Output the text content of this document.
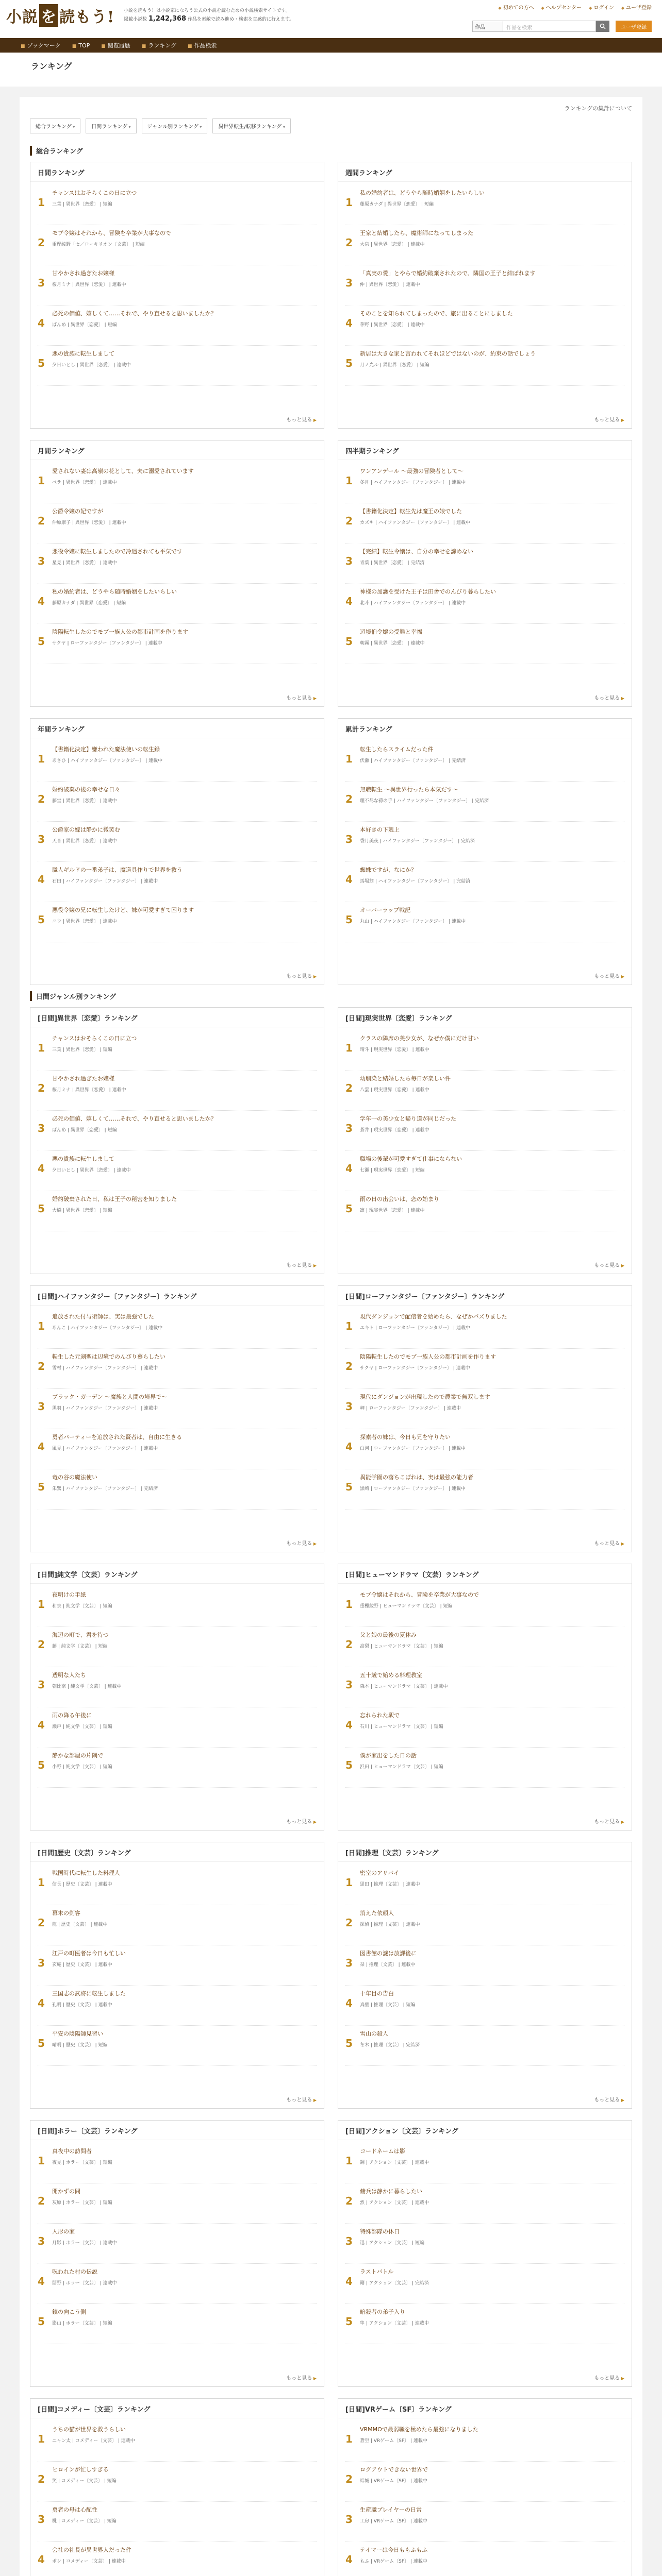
小説 を 読もう! 小説を読もう！は小説家になろう公式の小説を読むための小説検索サイトです。
掲載小説数 1,242,368 作品を素敵で読み進め・検索を直感的に行えます。
◆ 初めての方へ	◆ ヘルプセンター	◆ ログイン	◆ ユーザ登録
作品	作品を検索	ユーザ登録
■ ブックマーク	■ TOP	■ 閲覧履歴	■ ランキング	■ 作品検索
ランキング
ランキングの集計について
総合ランキング ▾	日間ランキング ▾	ジャンル別ランキング ▾	異世界転生/転移ランキング ▾
総合ランキング
日間ランキング
1
チャンスはおそらくこの日に立つ
三葉 | 異世界〔恋愛〕 | 短編
2
モブ令嬢はそれから、冒険を卒業が大事なので
重樫綾野「セ／ローキリオン〔文芸〕 | 短編
3
甘やかされ過ぎたお嬢様
桜月ミナ | 異世界〔恋愛〕 | 連載中
4
必死の価値、嬉しくて……それで、やり直せると思いましたか？
ぱんめ | 異世界〔恋愛〕 | 短編
5
悪の貴族に転生しまして
夕日いとし | 異世界〔恋愛〕 | 連載中
もっと見る ▶
週間ランキング
1
私の婚約者は、どうやら随時婚姻をしたいらしい
藤原カナダ | 異世界〔恋愛〕 | 短編
2
王家と結婚したら、魔術師になってしまった
大泉 | 異世界〔恋愛〕 | 連載中
3
「真実の愛」とやらで婚約破棄されたので、隣国の王子と結ばれます
仲 | 異世界〔恋愛〕 | 連載中
4
そのことを知られてしまったので、旅に出ることにしました
茅野 | 異世界〔恋愛〕 | 連載中
5
新居は大きな家と言われてそれほどではないのが、約束の話でしょう
月ノ光ル | 異世界〔恋愛〕 | 短編
もっと見る ▶
月間ランキング
1
愛されない妻は高嶺の花として、夫に溺愛されています
ベラ | 異世界〔恋愛〕 | 連載中
2
公爵令嬢の妃ですが
仲原康子 | 異世界〔恋愛〕 | 連載中
3
悪役令嬢に転生しましたので冷遇されても平気です
星見 | 異世界〔恋愛〕 | 連載中
4
私の婚約者は、どうやら随時婚姻をしたいらしい
藤原カナダ | 異世界〔恋愛〕 | 短編
5
陰陽転生したのでモブ一族人公の都市計画を作ります
サクヤ | ローファンタジー〔ファンタジー〕 | 連載中
もっと見る ▶
四半期ランキング
1
ワンアンデール ～最強の冒険者として～
冬月 | ハイファンタジー〔ファンタジー〕 | 連載中
2
【書籍化決定】転生先は魔王の娘でした
カズキ | ハイファンタジー〔ファンタジー〕 | 連載中
3
【完結】転生令嬢は、自分の幸せを諦めない
青葉 | 異世界〔恋愛〕 | 完結済
4
神様の加護を受けた王子は田舎でのんびり暮らしたい
北斗 | ハイファンタジー〔ファンタジー〕 | 連載中
5
辺境伯令嬢の受難と幸福
朝霧 | 異世界〔恋愛〕 | 連載中
もっと見る ▶
年間ランキング
1
【書籍化決定】嫌われた魔法使いの転生録
あさひ | ハイファンタジー〔ファンタジー〕 | 連載中
2
婚約破棄の後の幸せな日々
藤堂 | 異世界〔恋愛〕 | 連載中
3
公爵家の嫁は静かに微笑む
天音 | 異世界〔恋愛〕 | 連載中
4
職人ギルドの一番弟子は、魔道具作りで世界を救う
石田 | ハイファンタジー〔ファンタジー〕 | 連載中
5
悪役令嬢の兄に転生したけど、妹が可愛すぎて困ります
ユウ | 異世界〔恋愛〕 | 連載中
もっと見る ▶
累計ランキング
1
転生したらスライムだった件
伏瀬 | ハイファンタジー〔ファンタジー〕 | 完結済
2
無職転生 ～異世界行ったら本気だす～
理不尽な孫の手 | ハイファンタジー〔ファンタジー〕 | 完結済
3
本好きの下剋上
香月美夜 | ハイファンタジー〔ファンタジー〕 | 完結済
4
蜘蛛ですが、なにか？
馬場翁 | ハイファンタジー〔ファンタジー〕 | 完結済
5
オーバーラップ戦記
丸山 | ハイファンタジー〔ファンタジー〕 | 連載中
もっと見る ▶
日間ジャンル別ランキング
[日間]異世界〔恋愛〕ランキング
1
チャンスはおそらくこの日に立つ
三葉 | 異世界〔恋愛〕 | 短編
2
甘やかされ過ぎたお嬢様
桜月ミナ | 異世界〔恋愛〕 | 連載中
3
必死の価値、嬉しくて……それで、やり直せると思いましたか？
ぱんめ | 異世界〔恋愛〕 | 短編
4
悪の貴族に転生しまして
夕日いとし | 異世界〔恋愛〕 | 連載中
5
婚約破棄された日、私は王子の秘密を知りました
大橋 | 異世界〔恋愛〕 | 短編
もっと見る ▶
[日間]現実世界〔恋愛〕ランキング
1
クラスの隣席の美少女が、なぜか僕にだけ甘い
晴斗 | 現実世界〔恋愛〕 | 連載中
2
幼馴染と結婚したら毎日が楽しい件
八雲 | 現実世界〔恋愛〕 | 連載中
3
学年一の美少女と帰り道が同じだった
蒼井 | 現実世界〔恋愛〕 | 連載中
4
職場の後輩が可愛すぎて仕事にならない
七瀬 | 現実世界〔恋愛〕 | 短編
5
雨の日の出会いは、恋の始まり
凛 | 現実世界〔恋愛〕 | 連載中
もっと見る ▶
[日間]ハイファンタジー〔ファンタジー〕ランキング
1
追放された付与術師は、実は最強でした
あんこ | ハイファンタジー〔ファンタジー〕 | 連載中
2
転生した元剣聖は辺境でのんびり暮らしたい
雪村 | ハイファンタジー〔ファンタジー〕 | 連載中
3
ブラック・ガーデン ～魔族と人間の境界で～
黒羽 | ハイファンタジー〔ファンタジー〕 | 連載中
4
勇者パーティーを追放された賢者は、自由に生きる
風見 | ハイファンタジー〔ファンタジー〕 | 連載中
5
竜の谷の魔法使い
朱鷺 | ハイファンタジー〔ファンタジー〕 | 完結済
もっと見る ▶
[日間]ローファンタジー〔ファンタジー〕ランキング
1
現代ダンジョンで配信者を始めたら、なぜかバズりました
ユキト | ローファンタジー〔ファンタジー〕 | 連載中
2
陰陽転生したのでモブ一族人公の都市計画を作ります
サクヤ | ローファンタジー〔ファンタジー〕 | 連載中
3
現代にダンジョンが出現したので農業で無双します
岬 | ローファンタジー〔ファンタジー〕 | 連載中
4
探索者の妹は、今日も兄を守りたい
白河 | ローファンタジー〔ファンタジー〕 | 連載中
5
異能学園の落ちこぼれは、実は最強の能力者
黒崎 | ローファンタジー〔ファンタジー〕 | 連載中
もっと見る ▶
[日間]純文学〔文芸〕ランキング
1
夜明けの手紙
和泉 | 純文学〔文芸〕 | 短編
2
海辺の町で、君を待つ
藤 | 純文学〔文芸〕 | 短編
3
透明な人たち
朝比奈 | 純文学〔文芸〕 | 連載中
4
雨の降る午後に
瀬戸 | 純文学〔文芸〕 | 短編
5
静かな部屋の片隅で
小野 | 純文学〔文芸〕 | 短編
もっと見る ▶
[日間]ヒューマンドラマ〔文芸〕ランキング
1
モブ令嬢はそれから、冒険を卒業が大事なので
重樫綾野 | ヒューマンドラマ〔文芸〕 | 短編
2
父と娘の最後の夏休み
高梨 | ヒューマンドラマ〔文芸〕 | 短編
3
五十歳で始める料理教室
森本 | ヒューマンドラマ〔文芸〕 | 連載中
4
忘れられた駅で
石川 | ヒューマンドラマ〔文芸〕 | 短編
5
僕が家出をした日の話
浜田 | ヒューマンドラマ〔文芸〕 | 短編
もっと見る ▶
[日間]歴史〔文芸〕ランキング
1
戦国時代に転生した料理人
信長 | 歴史〔文芸〕 | 連載中
2
幕末の剣客
龍 | 歴史〔文芸〕 | 連載中
3
江戸の町医者は今日も忙しい
玄庵 | 歴史〔文芸〕 | 連載中
4
三国志の武将に転生しました
孔明 | 歴史〔文芸〕 | 連載中
5
平安の陰陽師見習い
晴明 | 歴史〔文芸〕 | 短編
もっと見る ▶
[日間]推理〔文芸〕ランキング
1
密室のアリバイ
黒田 | 推理〔文芸〕 | 連載中
2
消えた依頼人
探偵 | 推理〔文芸〕 | 連載中
3
図書館の謎は放課後に
栞 | 推理〔文芸〕 | 連載中
4
十年目の告白
真壁 | 推理〔文芸〕 | 短編
5
雪山の殺人
冬木 | 推理〔文芸〕 | 完結済
もっと見る ▶
[日間]ホラー〔文芸〕ランキング
1
真夜中の訪問者
夜見 | ホラー〔文芸〕 | 短編
2
開かずの間
灰原 | ホラー〔文芸〕 | 短編
3
人形の家
月影 | ホラー〔文芸〕 | 連載中
4
呪われた村の伝説
闇野 | ホラー〔文芸〕 | 連載中
5
鏡の向こう側
影山 | ホラー〔文芸〕 | 短編
もっと見る ▶
[日間]アクション〔文芸〕ランキング
1
コードネームは影
鋼 | アクション〔文芸〕 | 連載中
2
傭兵は静かに暮らしたい
烈 | アクション〔文芸〕 | 連載中
3
特殊部隊の休日
迅 | アクション〔文芸〕 | 短編
4
ラストバトル
剛 | アクション〔文芸〕 | 完結済
5
暗殺者の弟子入り
隼 | アクション〔文芸〕 | 連載中
もっと見る ▶
[日間]コメディー〔文芸〕ランキング
1
うちの猫が世界を救うらしい
ニャン太 | コメディー〔文芸〕 | 連載中
2
ヒロインが忙しすぎる
笑 | コメディー〔文芸〕 | 短編
3
勇者の母は心配性
桃 | コメディー〔文芸〕 | 短編
4
会社の社長が異世界人だった件
ポン | コメディー〔文芸〕 | 連載中
[日間]VRゲーム〔SF〕ランキング
1
VRMMOで最弱職を極めたら最強になりました
蒼空 | VRゲーム〔SF〕 | 連載中
2
ログアウトできない世界で
結城 | VRゲーム〔SF〕 | 連載中
3
生産職プレイヤーの日常
工房 | VRゲーム〔SF〕 | 連載中
4
テイマーは今日ももふもふ
もふ | VRゲーム〔SF〕 | 連載中
